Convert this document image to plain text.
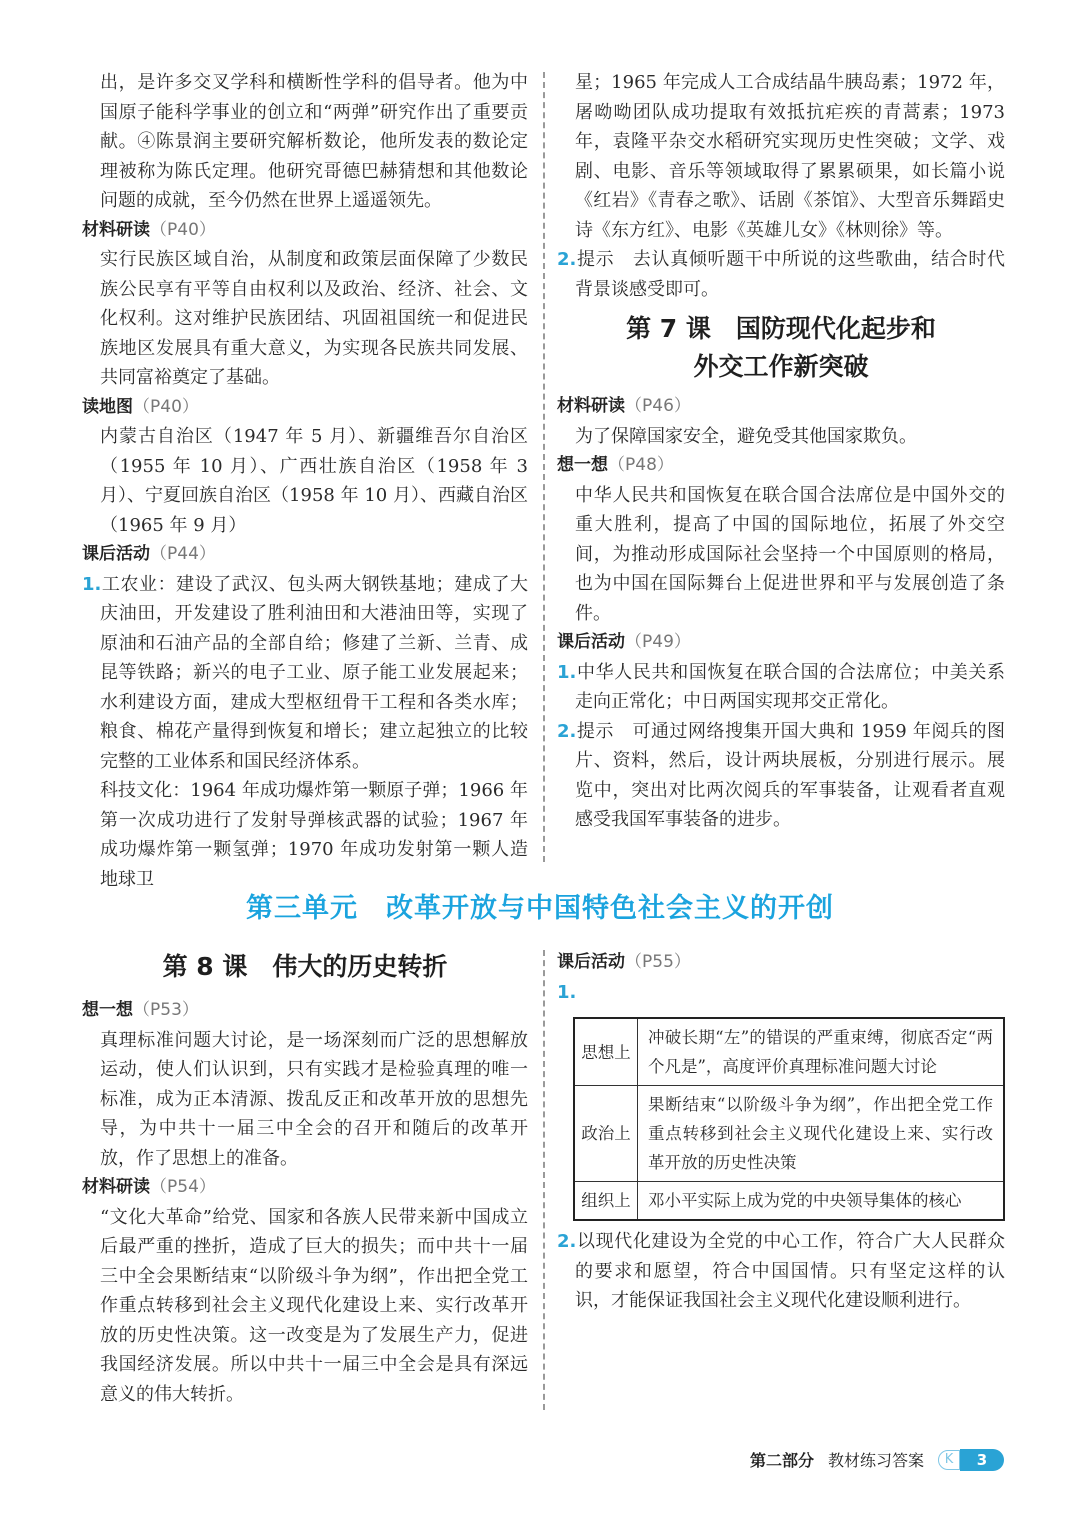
出，是许多交叉学科和横断性学科的倡导者。他为中国原子能科学事业的创立和“两弹”研究作出了重要贡献。④陈景润主要研究解析数论，他所发表的数论定理被称为陈氏定理。他研究哥德巴赫猜想和其他数论问题的成就，至今仍然在世界上遥遥领先。

材料研读（P40）

实行民族区域自治，从制度和政策层面保障了少数民族公民享有平等自由权利以及政治、经济、社会、文化权利。这对维护民族团结、巩固祖国统一和促进民族地区发展具有重大意义，为实现各民族共同发展、共同富裕奠定了基础。

读地图（P40）

内蒙古自治区（1947 年 5 月）、新疆维吾尔自治区（1955 年 10 月）、广西壮族自治区（1958 年 3 月）、宁夏回族自治区（1958 年 10 月）、西藏自治区（1965 年 9 月）

课后活动（P44）

1.工农业：建设了武汉、包头两大钢铁基地；建成了大庆油田，开发建设了胜利油田和大港油田等，实现了原油和石油产品的全部自给；修建了兰新、兰青、成昆等铁路；新兴的电子工业、原子能工业发展起来；水利建设方面，建成大型枢纽骨干工程和各类水库；粮食、棉花产量得到恢复和增长；建立起独立的比较完整的工业体系和国民经济体系。

科技文化：1964 年成功爆炸第一颗原子弹；1966 年第一次成功进行了发射导弹核武器的试验；1967 年成功爆炸第一颗氢弹；1970 年成功发射第一颗人造地球卫

星；1965 年完成人工合成结晶牛胰岛素；1972 年，屠呦呦团队成功提取有效抵抗疟疾的青蒿素；1973 年，袁隆平杂交水稻研究实现历史性突破；文学、戏剧、电影、音乐等领域取得了累累硕果，如长篇小说《红岩》《青春之歌》、话剧《茶馆》、大型音乐舞蹈史诗《东方红》、电影《英雄儿女》《林则徐》等。

2.提示　去认真倾听题干中所说的这些歌曲，结合时代背景谈感受即可。

第 7 课　国防现代化起步和
外交工作新突破

材料研读（P46）

为了保障国家安全，避免受其他国家欺负。

想一想（P48）

中华人民共和国恢复在联合国合法席位是中国外交的重大胜利，提高了中国的国际地位，拓展了外交空间，为推动形成国际社会坚持一个中国原则的格局，也为中国在国际舞台上促进世界和平与发展创造了条件。

课后活动（P49）

1.中华人民共和国恢复在联合国的合法席位；中美关系走向正常化；中日两国实现邦交正常化。

2.提示　可通过网络搜集开国大典和 1959 年阅兵的图片、资料，然后，设计两块展板，分别进行展示。展览中，突出对比两次阅兵的军事装备，让观看者直观感受我国军事装备的进步。

第三单元　改革开放与中国特色社会主义的开创
第 8 课　伟大的历史转折

想一想（P53）

真理标准问题大讨论，是一场深刻而广泛的思想解放运动，使人们认识到，只有实践才是检验真理的唯一标准，成为正本清源、拨乱反正和改革开放的思想先导，为中共十一届三中全会的召开和随后的改革开放，作了思想上的准备。

材料研读（P54）

“文化大革命”给党、国家和各族人民带来新中国成立后最严重的挫折，造成了巨大的损失；而中共十一届三中全会果断结束“以阶级斗争为纲”，作出把全党工作重点转移到社会主义现代化建设上来、实行改革开放的历史性决策。这一改变是为了发展生产力，促进我国经济发展。所以中共十一届三中全会是具有深远意义的伟大转折。

课后活动（P55）

1.

思想上	冲破长期“左”的错误的严重束缚，彻底否定“两个凡是”，高度评价真理标准问题大讨论
政治上	果断结束“以阶级斗争为纲”，作出把全党工作重点转移到社会主义现代化建设上来、实行改革开放的历史性决策
组织上	邓小平实际上成为党的中央领导集体的核心

2.以现代化建设为全党的中心工作，符合广大人民群众的要求和愿望，符合中国国情。只有坚定这样的认识，才能保证我国社会主义现代化建设顺利进行。

第二部分 教材练习答案	K	3
